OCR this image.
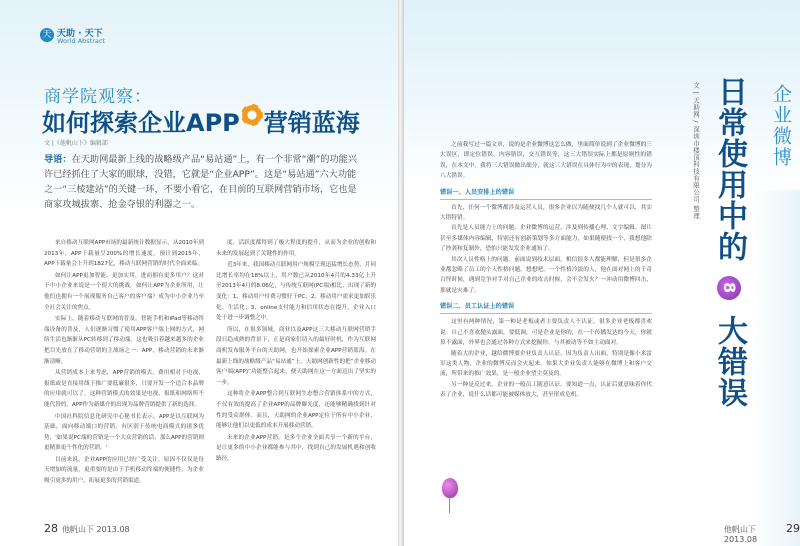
天 天助 · 天下
World Abstract
商学院观察：
如何探索企业APP 营销蓝海
文 |《他帆山下》编辑部
导语：在天助网最新上线的战略级产品“易站通”上，有一个非常“潮”的功能兴许已经抓住了大家的眼球，没错，它就是“企业APP”。这是“易站通”六大功能之一“三棱建站”的关键一环，不要小看它，在目前的互联网营销市场，它也是商家攻城拔寨、抢金夺银的利器之一。

来自移动互联网APP市场的最新统计数据显示，从2010年到2013年，APP下载量呈200%的增长速度，预计到2015年，APP下载量会上升到1827亿，移动互联网营销的时代全面来临。

如何让APP更加智能、更加实用，进而拥有更多用户？这对于中小企业来说是一个很大的挑战。如何让APP为企业所用，让他们也拥有一个展现服务自己客户的客户端？成为中小企业乃至全社会关注的焦点。

实际上，随着移动互联网的普及，智能手机和iPad等移动终端设备的普及，人们逐渐习惯了使用APP客户端上网的方式，网络生活也渐渐从PC转移到了移动端。这也吸引着越来越多的企业把目光放在了移动营销的主战场之一：APP，移动营销的未来渐渐清晰。

从营销成本上来考虑，APP营销的模式，费用相对于电视、报纸或是直接用线下推广要低廉很多，只要开发一个适合本品牌的应用就可以了，这种营销模式的效果是电视、报纸和网络所不能代替的，APP作为新媒介的出现为品牌营销提供了新的选择。

中国社科院信息化研究中心秘书长表示，APP是以互联网为基础，面向移动端口的营销，有区别于传统电商模式的诸多优势，'如果说PC端的营销是一个大众营销的话，那么APP的营销则更精准更个性化的营销。'

目前来说，企业APP的应用已经广受关注，原因不仅仅是每天增加的流量，更重要的是由于手机移动终端的便捷性，为企业吸引更多的用户，拓展更多的营销渠道。

度、活跃度都得到了极大程度的提升，从而为企业的创收和未来的发展起到了关键性的作用。

近3年来，我国移动互联网用户规模呈现迅猛增长态势，月同比增长率均在18%以上，用户数已从2010年4月的4.33亿上升至2013年4月的8.06亿，与传统互联网(PC端)相比，出现了新的变化：1、移动用户付费习惯好于PC；2、移动用户需求更加娱乐化、生活化；3、online支付能力和信用状态在提升，企业入口处于进一步调整之中。

所以，在很多领域，商业以及APP这三大移动互联网营销手段日趋成熟的背景下，正是商家们切入的最好时机，作为互联网商机发布服务平台的天助网，也开始探索企业APP营销蓝海。在最新上线的战略级产品“易站通”上，天助网创新性的把“企业移动客户端(APP)”功能整合起来，便天助网在这一方面迈出了坚实的一步。

这种将企业APP整合到互联网生态整合营销体系中的方式，不仅有效的提高了企业APP的品牌曝光度，还能够精确找到针对性的受众群体。而且，天助网的企业APP定位于所有中小企业，能够让他们以更低的成本开展移动营销。

未来的企业APP营销，是多个企业全面共享一个新的平台，是让更多的中小企业都能参与其中，找到自己的发展机遇和创收路径。

28 他帆山下 2013.08
企业微博
日常使用中的 8 大错误
文 | 天助网 / 深圳市楼顶科技有限公司 整理

之前我写过一篇文章，说的是企业微博这怎么做，里面简单说到了企业微博的三大误区，即定位错误、内容错误、交互错误等，这三大错误实际上都是原则性的错误，在本文中，我将三大错误做出细分，就这三大错误在具体行为中的表现，划分为八大错误。

错误一、人员安排上的错误

首先，任何一个微博都涉及运营人员，很多企业以为随便找几个人就可以，其实大错特错。

首先是人员能力上的问题。企业微博的运营，涉及到传播心理、文字编辑、图片甚至多媒体内容编辑，特别还有创新策划等多方面能力，如果随便找一个，我想他除了抄袭和复制外，恐怕只能发发企业通知了。

其次人员性格上的问题。前面说到技术层面，相信很多人都能理解，但是很多企业都忽略了员工的个人性格问题。想想吧，一个性格冷淡的人，他在面对网上的千奇百怪时候，遇到竞争对手对自己企业的攻击时候，会不会发火？一冲动用微博回击，那就是灾难了。

错误二、员工认证上的错误

这里有两种情况，第一种是老板或者主要负责人不认证，很多企业老板都喜欢说：自己不喜欢抛头露面，要低调。可是企业是你的，在一个传播发达的今天，你就算不露面，外界也会通过各种方式来挖掘你，与其被动等不如主动面对。

随着大的企业，越给微博要企业负责人认证，因为负责人出面，特别是像小米雷军这类人物，企业的微博反而会火起来。如果大企业负责人能够在微博上和客户交流，所带来的推广效果，是一般企业望尘莫及的。

另一种是反过来，企业的一般员工随意认证。要知道一点，认证后就意味着你代表了企业，说什么话都可能被媒体放大，甚至形成危机。

他帆山下 2013.08
29
